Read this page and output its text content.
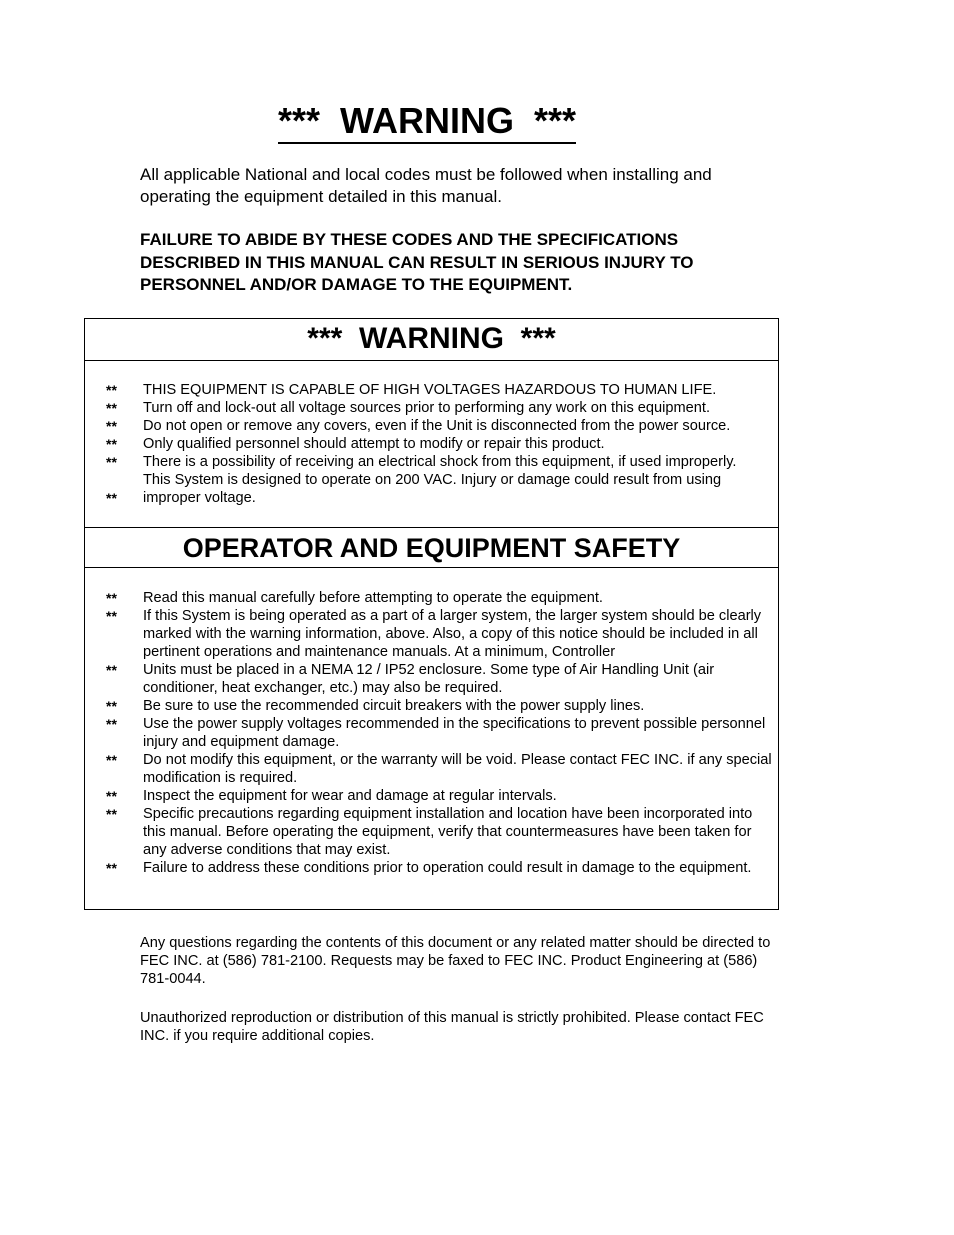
***  WARNING  ***

All applicable National and local codes must be followed when installing and operating the equipment detailed in this manual.

FAILURE TO ABIDE BY THESE CODES AND THE SPECIFICATIONS DESCRIBED IN THIS MANUAL CAN RESULT IN SERIOUS INJURY TO PERSONNEL AND/OR DAMAGE TO THE EQUIPMENT.

***  WARNING  ***
** THIS EQUIPMENT IS CAPABLE OF HIGH VOLTAGES HAZARDOUS TO HUMAN LIFE.
** Turn off and lock-out all voltage sources prior to performing any work on this equipment.
** Do not open or remove any covers, even if the Unit is disconnected from the power source.
** Only qualified personnel should attempt to modify or repair this product.
** There is a possibility of receiving an electrical shock from this equipment, if used improperly.
**
This System is designed to operate on 200 VAC. Injury or damage could result from using improper voltage.
OPERATOR AND EQUIPMENT SAFETY
** Read this manual carefully before attempting to operate the equipment.
** If this System is being operated as a part of a larger system, the larger system should be clearly marked with the warning information, above. Also, a copy of this notice should be included in all pertinent operations and maintenance manuals. At a minimum, Controller
** Units must be placed in a NEMA 12 / IP52 enclosure. Some type of Air Handling Unit (air conditioner, heat exchanger, etc.) may also be required.
** Be sure to use the recommended circuit breakers with the power supply lines.
** Use the power supply voltages recommended in the specifications to prevent possible personnel injury and equipment damage.
** Do not modify this equipment, or the warranty will be void. Please contact FEC INC. if any special modification is required.
** Inspect the equipment for wear and damage at regular intervals.
** Specific precautions regarding equipment installation and location have been incorporated into this manual. Before operating the equipment, verify that countermeasures have been taken for any adverse conditions that may exist.
** Failure to address these conditions prior to operation could result in damage to the equipment.

Any questions regarding the contents of this document or any related matter should be directed to FEC INC. at (586) 781-2100. Requests may be faxed to FEC INC. Product Engineering at (586) 781-0044.

Unauthorized reproduction or distribution of this manual is strictly prohibited. Please contact FEC INC. if you require additional copies.
